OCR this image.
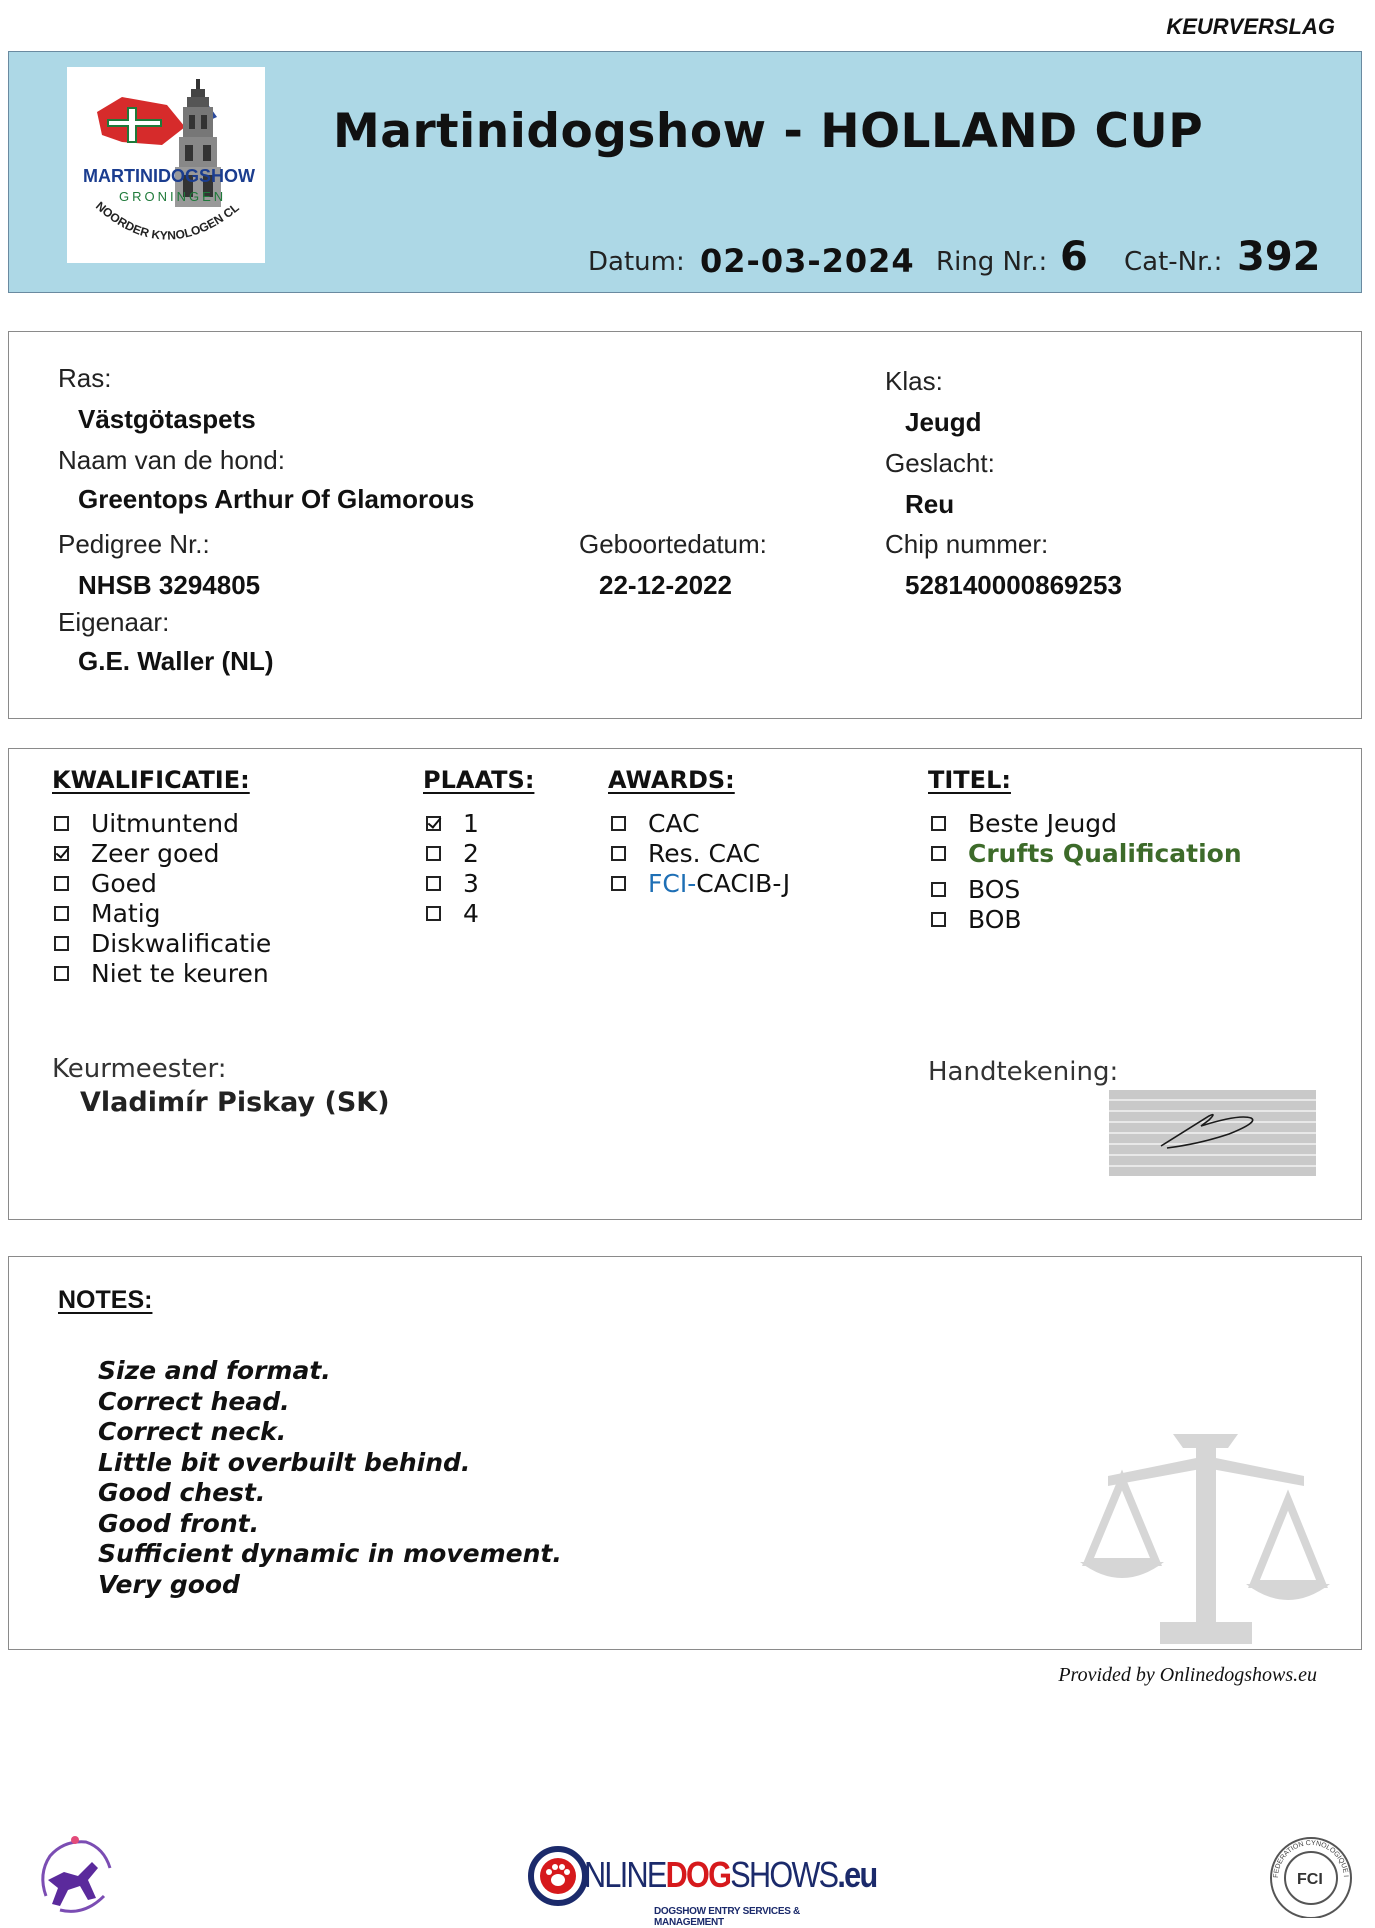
KEURVERSLAG
MARTINIDOGSHOW
GRONINGEN
NOORDER KYNOLOGEN CL
Martinidogshow - HOLLAND CUP
Datum: 02-03-2024 Ring Nr.: 6 Cat-Nr.: 392
Ras:
Västgötaspets
Naam van de hond:
Greentops Arthur Of Glamorous
Pedigree Nr.:
NHSB 3294805
Eigenaar:
G.E. Waller (NL)
Geboortedatum:
22-12-2022
Klas:
Jeugd
Geslacht:
Reu
Chip nummer:
528140000869253
KWALIFICATIE:
Uitmuntend
Zeer goed
Goed
Matig
Diskwalificatie
Niet te keuren
PLAATS:
1
2
3
4
AWARDS:
CAC
Res. CAC
FCI- CACIB-J
TITEL:
Beste Jeugd
Crufts Qualification
BOS
BOB
Keurmeester:
Vladimír Piskay (SK)
Handtekening:
NOTES:
Size and format.
Correct head.
Correct neck.
Little bit overbuilt behind.
Good chest.
Good front.
Sufficient dynamic in movement.
Very good
Provided by Onlinedogshows.eu
NLINEDOGSHOWS.eu
DOGSHOW ENTRY SERVICES & MANAGEMENT
FEDERATION CYNOLOGIQUE I
FCI
